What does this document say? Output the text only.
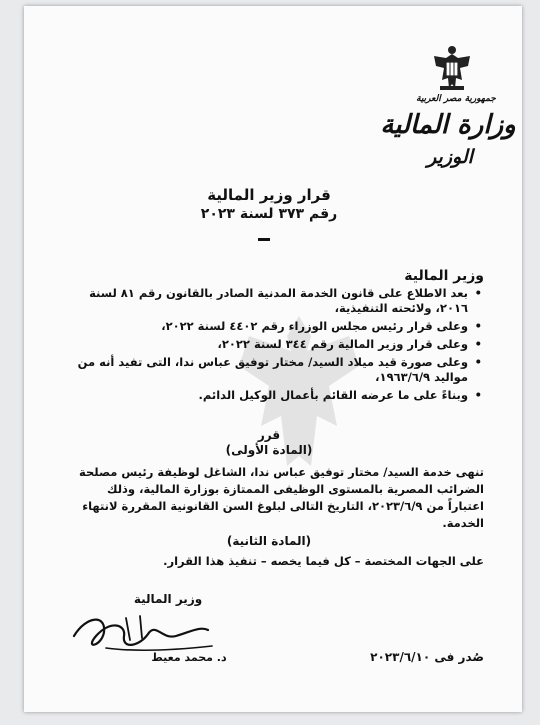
جمهورية مصر العربية
وزارة المالية
الوزير
قرار وزير المالية
رقم ٣٧٣ لسنة ٢٠٢٣
وزير المالية
•
بعد الاطلاع على قانون الخدمة المدنية الصادر بالقانون رقم ٨١ لسنة ٢٠١٦، ولائحته التنفيذية،
•
وعلى قرار رئيس مجلس الوزراء رقم ٤٤٠٢ لسنة ٢٠٢٢،
•
وعلى قرار وزير المالية رقم ٣٤٤ لسنة ٢٠٢٢،
•
وعلى صورة قيد ميلاد السيد/ مختار توفيق عباس ندا، التى تفيد أنه من مواليد ١٩٦٣/٦/٩،
•
وبناءً على ما عرضه القائم بأعمال الوكيل الدائم.
قرر
(المادة الأولى)
تنهى خدمة السيد/ مختار توفيق عباس ندا، الشاغل لوظيفة رئيس مصلحة الضرائب المصرية بالمستوى الوظيفى الممتازة بوزارة المالية، وذلك اعتباراً من ٢٠٢٣/٦/٩، التاريخ التالى لبلوغ السن القانونية المقررة لانتهاء الخدمة.
(المادة الثانية)
على الجهات المختصة – كل فيما يخصه – تنفيذ هذا القرار.
وزير المالية
د. محمد معيط	صُدر فى ٢٠٢٣/٦/١٠
